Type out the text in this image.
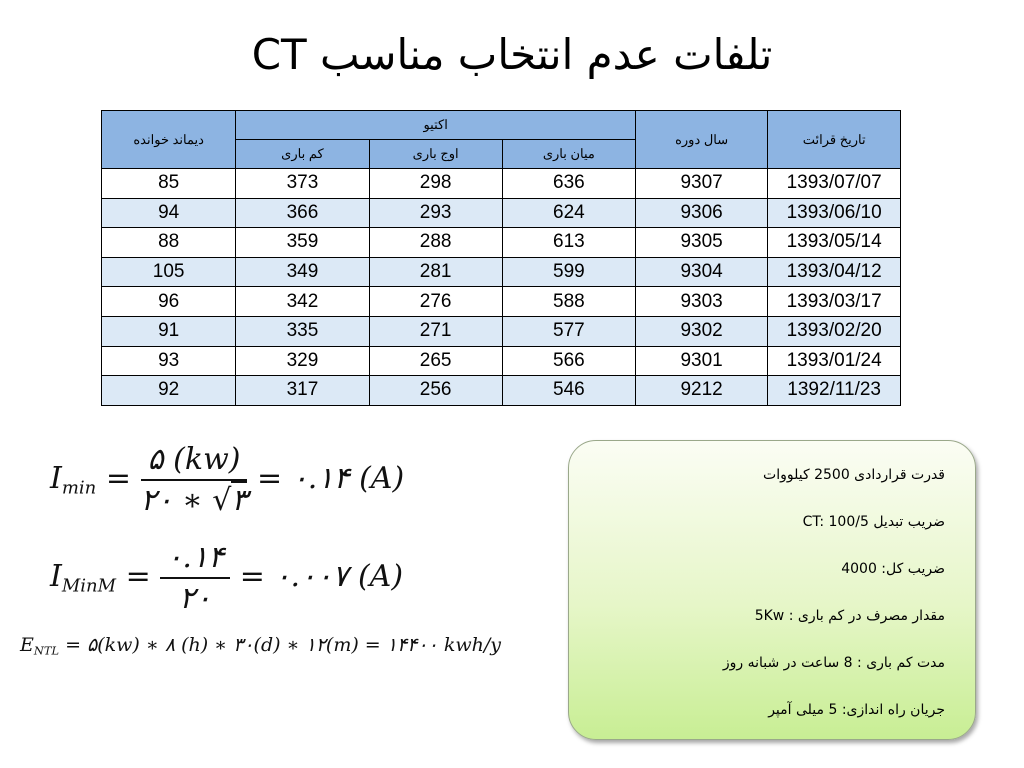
تلفات عدم انتخاب مناسب CT
تاریخ قرائت	سال دوره	اکتیو			دیماند خوانده
		میان باری	اوج باری	کم باری	
1393/07/07	9307	636	298	373	85
1393/06/10	9306	624	293	366	94
1393/05/14	9305	613	288	359	88
1393/04/12	9304	599	281	349	105
1393/03/17	9303	588	276	342	96
1393/02/20	9302	577	271	335	91
1393/01/24	9301	566	265	329	93
1392/11/23	9212	546	256	317	92
$I_{min} = \frac{۵ (kw)}{۲۰ ∗ √۳}$ = ۰.۱۴ (A)
$I_{MinM} = \frac{۰.۱۴}{۲۰}$ = ۰.۰۰۷ (A)
$E_{NTL}$ = ۵(kw) ∗ ۸ (h) ∗ ۳۰(d) ∗ ۱۲(m) = ۱۴۴۰۰ kwh/y
قدرت قراردادی 2500 کیلووات
ضریب تبدیل CT: 100/5
ضریب کل: 4000
مقدار مصرف در کم باری : 5Kw
مدت کم باری : 8 ساعت در شبانه روز
جریان راه اندازی: 5 میلی آمپر
